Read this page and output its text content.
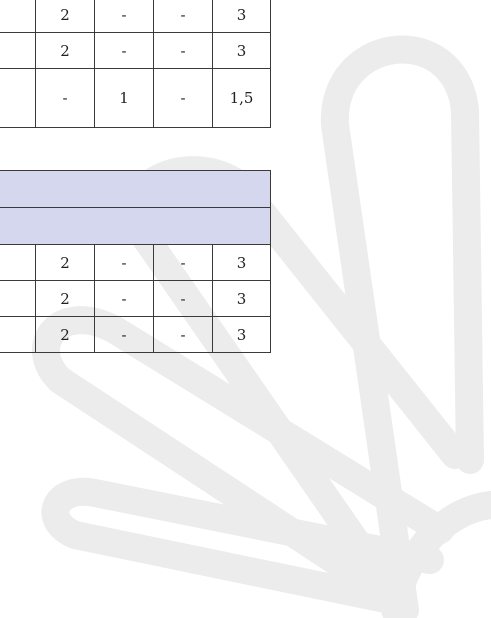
	2	-	-	3
	2	-	-	3
	-	1	-	1,5

	2	-	-	3
	2	-	-	3
	2	-	-	3
